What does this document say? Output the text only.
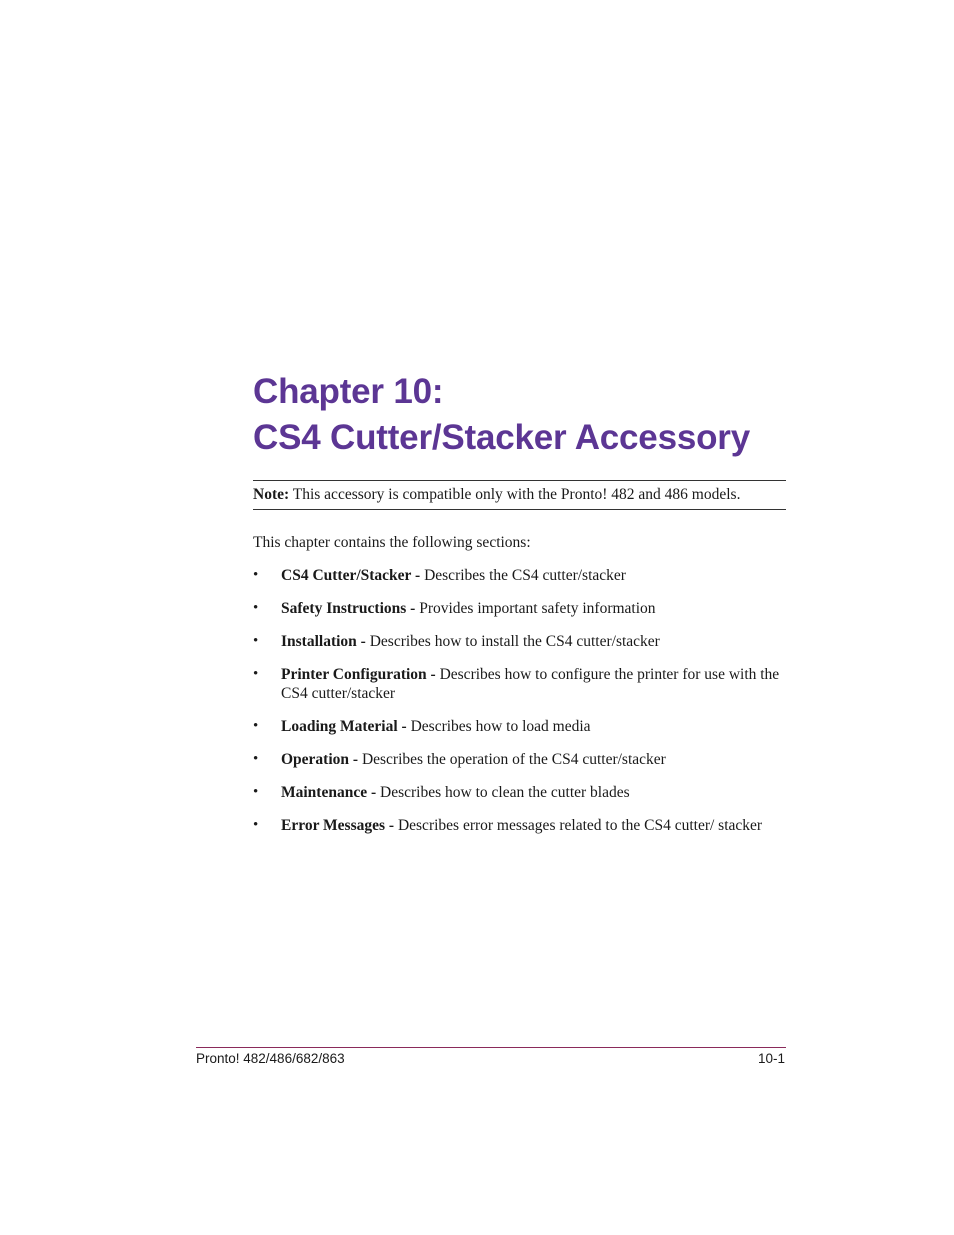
Chapter 10:
CS4 Cutter/Stacker Accessory
Note: This accessory is compatible only with the Pronto! 482 and 486 models.

This chapter contains the following sections:

• CS4 Cutter/Stacker - Describes the CS4 cutter/stacker
• Safety Instructions - Provides important safety information
• Installation - Describes how to install the CS4 cutter/stacker
• Printer Configuration - Describes how to configure the printer for use with the CS4 cutter/stacker
• Loading Material - Describes how to load media
• Operation - Describes the operation of the CS4 cutter/stacker
• Maintenance - Describes how to clean the cutter blades
• Error Messages - Describes error messages related to the CS4 cutter/ stacker
Pronto! 482/486/682/863	10-1
